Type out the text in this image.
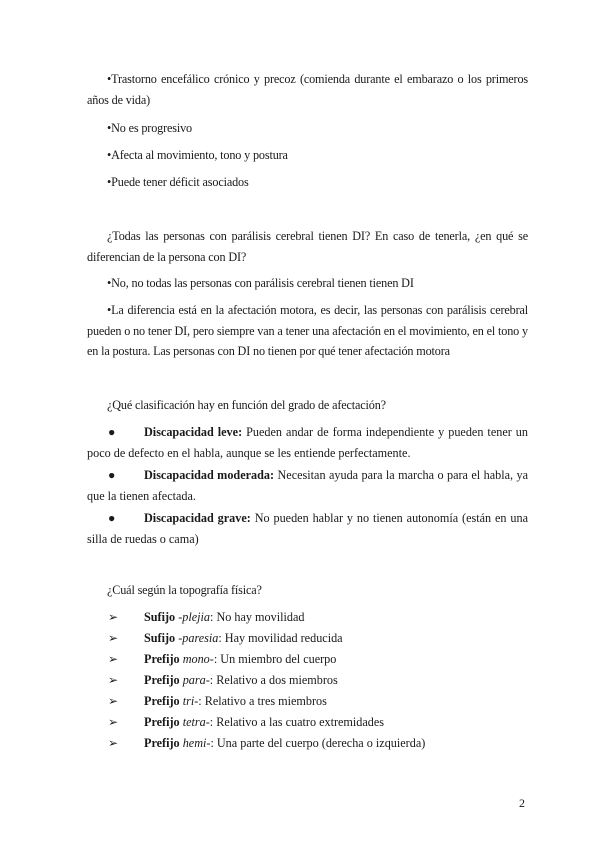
•Trastorno encefálico crónico y precoz (comienda durante el embarazo o los primeros años de vida)

•No es progresivo

•Afecta al movimiento, tono y postura

•Puede tener déficit asociados

¿Todas las personas con parálisis cerebral tienen DI? En caso de tenerla, ¿en qué se diferencian de la persona con DI?

•No, no todas las personas con parálisis cerebral tienen tienen DI

•La diferencia está en la afectación motora, es decir, las personas con parálisis cerebral pueden o no tener DI, pero siempre van a tener una afectación en el movimiento, en el tono y en la postura. Las personas con DI no tienen por qué tener afectación motora

¿Qué clasificación hay en función del grado de afectación?

●	Discapacidad leve: Pueden andar de forma independiente y pueden tener un poco de defecto en el habla, aunque se les entiende perfectamente.
●	Discapacidad moderada: Necesitan ayuda para la marcha o para el habla, ya que la tienen afectada.
●	Discapacidad grave: No pueden hablar y no tienen autonomía (están en una silla de ruedas o cama)

¿Cuál según la topografía física?

➢ Sufijo -plejia: No hay movilidad

➢ Sufijo -paresia: Hay movilidad reducida

➢ Prefijo mono-: Un miembro del cuerpo

➢ Prefijo para-: Relativo a dos miembros

➢ Prefijo tri-: Relativo a tres miembros

➢ Prefijo tetra-: Relativo a las cuatro extremidades

➢ Prefijo hemi-: Una parte del cuerpo (derecha o izquierda)

2
